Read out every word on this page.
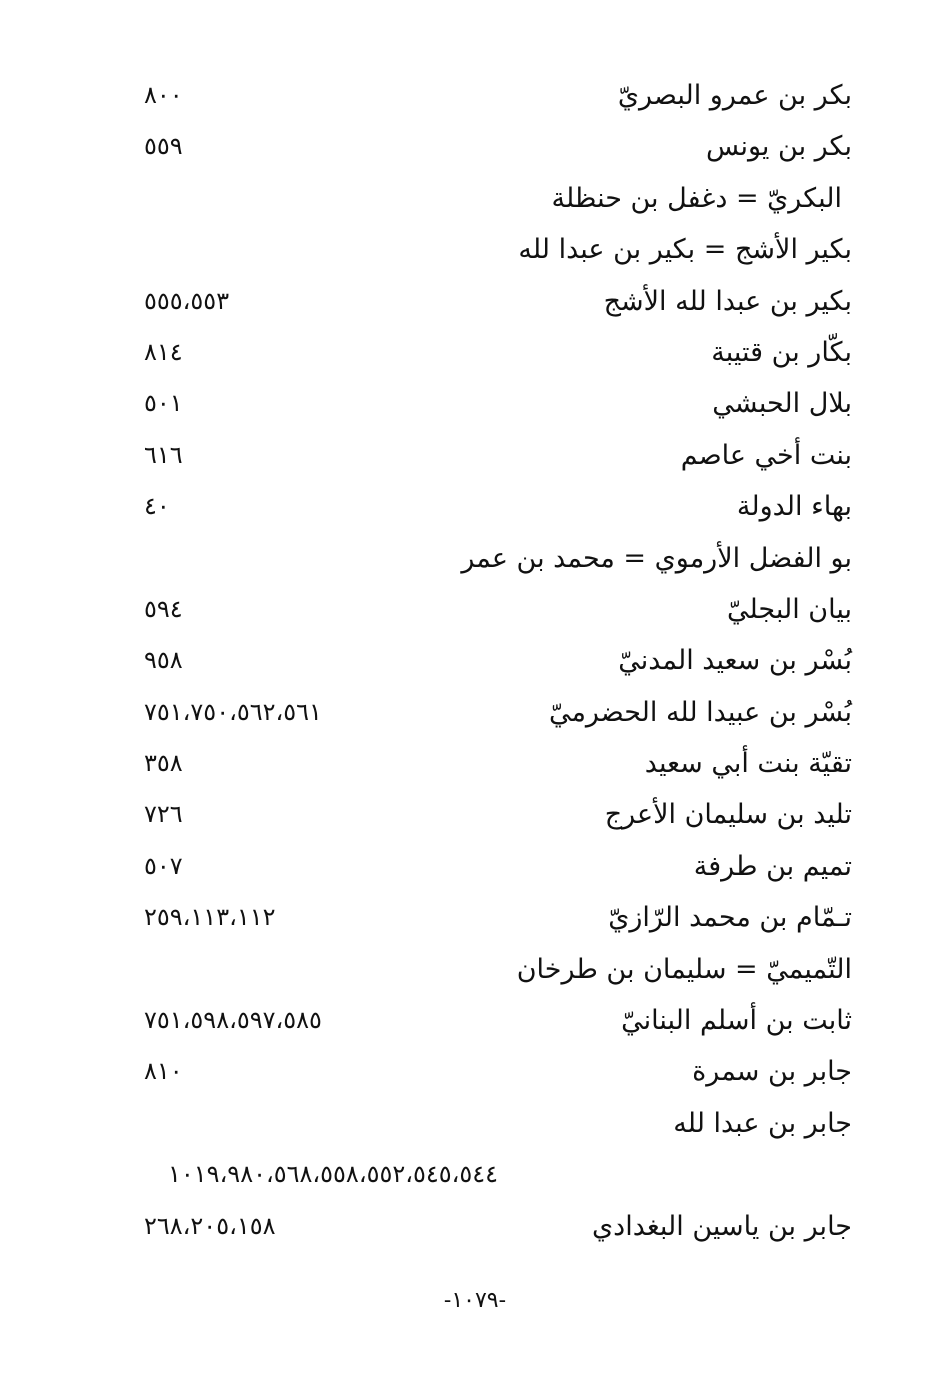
بكر بن عمرو البصريّ
٨٠٠
بكر بن يونس
٥٥٩
البكريّ = دغفل بن حنظلة
بكير الأشج = بكير بن عبدا لله
بكير بن عبدا لله الأشج
٥٥٥،٥٥٣
بكّار بن قتيبة
٨١٤
بلال الحبشي
٥٠١
بنت أخي عاصم
٦١٦
بهاء الدولة
٤٠
بو الفضل الأرموي = محمد بن عمر
بيان البجليّ
٥٩٤
بُسْر بن سعيد المدنيّ
٩٥٨
بُسْر بن عبيدا لله الحضرميّ
٧٥١،٧٥٠،٥٦٢،٥٦١
تقيّة بنت أبي سعيد
٣٥٨
تليد بن سليمان الأعرج
٧٢٦
تميم بن طرفة
٥٠٧
تـمّام بن محمد الرّازيّ
٢٥٩،١١٣،١١٢
التّميميّ = سليمان بن طرخان
ثابت بن أسلم البنانيّ
٧٥١،٥٩٨،٥٩٧،٥٨٥
جابر بن سمرة
٨١٠
جابر بن عبدا لله
١٠١٩،٩٨٠،٥٦٨،٥٥٨،٥٥٢،٥٤٥،٥٤٤
جابر بن ياسين البغدادي
٢٦٨،٢٠٥،١٥٨
-١٠٧٩-
